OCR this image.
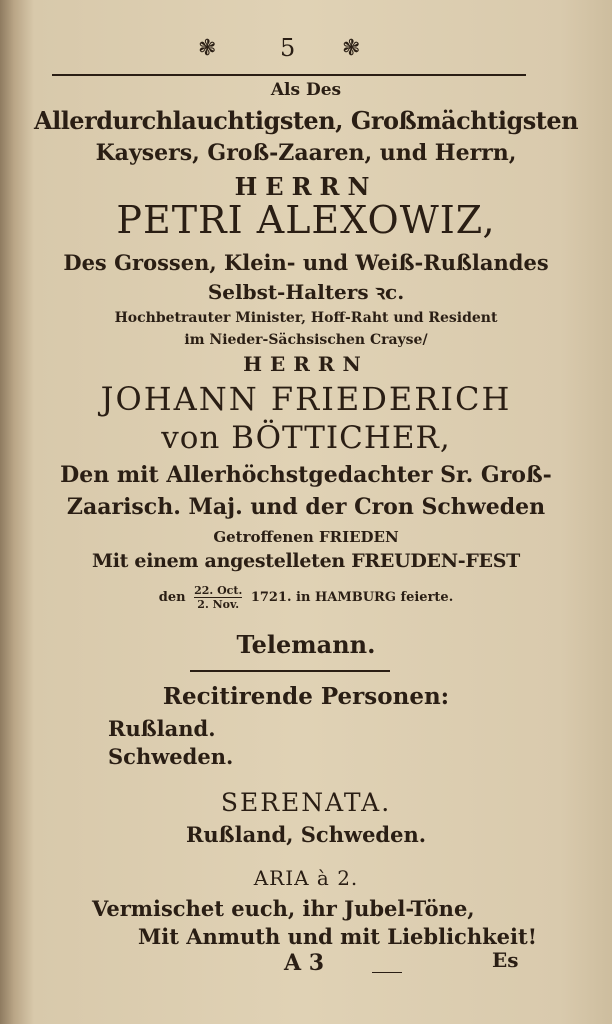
❃	5 ❃
Als Des
Allerdurchlauchtigsten, Großmächtigsten
Kaysers, Groß-Zaaren, und Herrn,
HERRN
PETRI ALEXOWIZ,
Des Grossen, Klein- und Weiß-Rußlandes
Selbst-Halters ꝛc.
Hochbetrauter Minister, Hoff-Raht und Resident
im Nieder-Sächsischen Crayse/
HERRN
JOHANN FRIEDERICH
von BÖTTICHER,
Den mit Allerhöchstgedachter Sr. Groß-
Zaarisch. Maj. und der Cron Schweden
Getroffenen FRIEDEN
Mit einem angestelleten FREUDEN-FEST
den 22. Oct.
2. Nov. 1721. in HAMBURG feierte.
Telemann.
Recitirende Personen:
Rußland.
Schweden.
SERENATA.
Rußland, Schweden.
ARIA à 2.
Vermischet euch, ihr Jubel-Töne,
Mit Anmuth und mit Lieblichkeit!
A 3	Es
